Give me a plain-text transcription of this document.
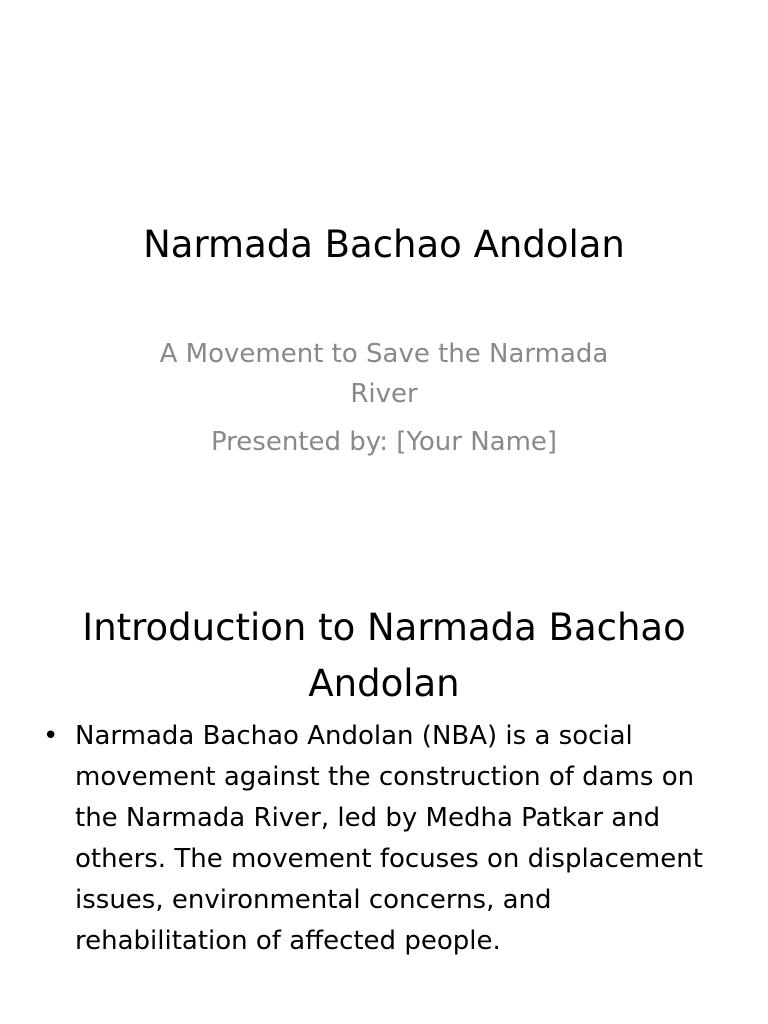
Narmada Bachao Andolan
A Movement to Save the Narmada River
Presented by: [Your Name]
Introduction to Narmada Bachao Andolan
• Narmada Bachao Andolan (NBA) is a social movement against the construction of dams on the Narmada River, led by Medha Patkar and others. The movement focuses on displacement issues, environmental concerns, and rehabilitation of affected people.
